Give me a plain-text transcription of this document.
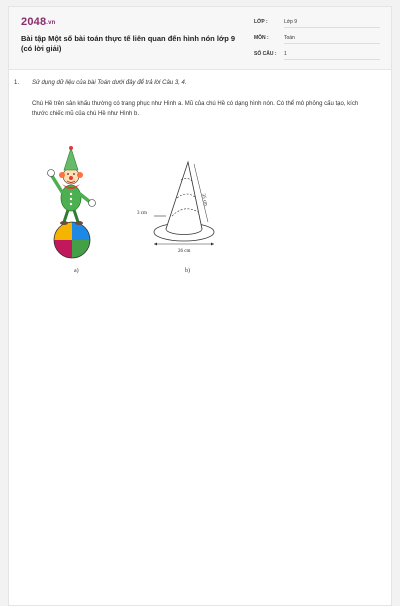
2048.vn
Bài tập Một số bài toán thực tế liên quan đến hình nón lớp 9 (có lời giải)
LỚP :	Lớp 9
MÔN :	Toán
SỐ CÂU : 1
1. Sử dụng dữ liệu của bài Toán dưới đây để trả lời Câu 3, 4.
Chú Hề trên sân khấu thường có trang phục như Hình a. Mũ của chú Hề có dạng hình nón. Có thể mô phỏng cấu tạo, kích thước chiếc mũ của chú Hề như Hình b.
3 cm
35 cm
26 cm
a)	b)
